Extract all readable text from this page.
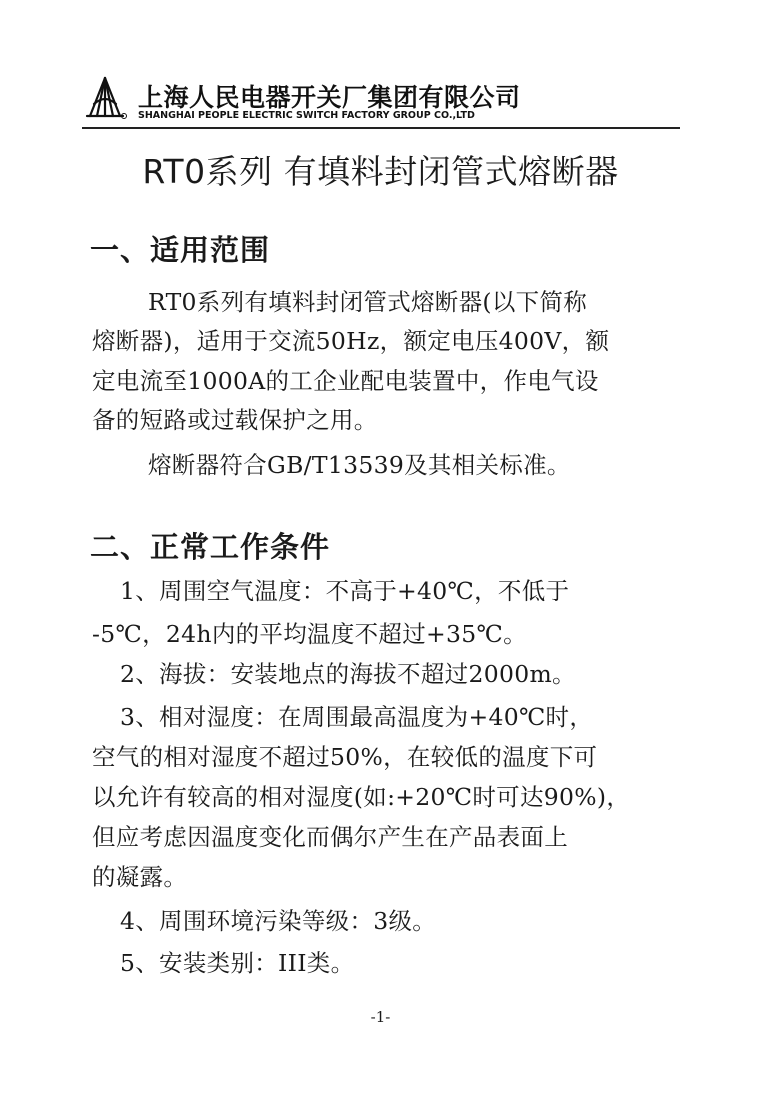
上海人民电器开关厂集团有限公司
SHANGHAI PEOPLE ELECTRIC SWITCH FACTORY GROUP CO.,LTD
RT0系列 有填料封闭管式熔断器
一、适用范围
RT0系列有填料封闭管式熔断器(以下简称
熔断器)，适用于交流50Hz，额定电压400V，额
定电流至1000A的工企业配电装置中，作电气设
备的短路或过载保护之用。
熔断器符合GB/T13539及其相关标准。
二、正常工作条件
1、周围空气温度：不高于+40℃，不低于
-5℃，24h内的平均温度不超过+35℃。
2、海拔：安装地点的海拔不超过2000m。
3、相对湿度：在周围最高温度为+40℃时，
空气的相对湿度不超过50%，在较低的温度下可
以允许有较高的相对湿度(如:+20℃时可达90%)，
但应考虑因温度变化而偶尔产生在产品表面上
的凝露。
4、周围环境污染等级：3级。
5、安装类别：III类。
-1-
